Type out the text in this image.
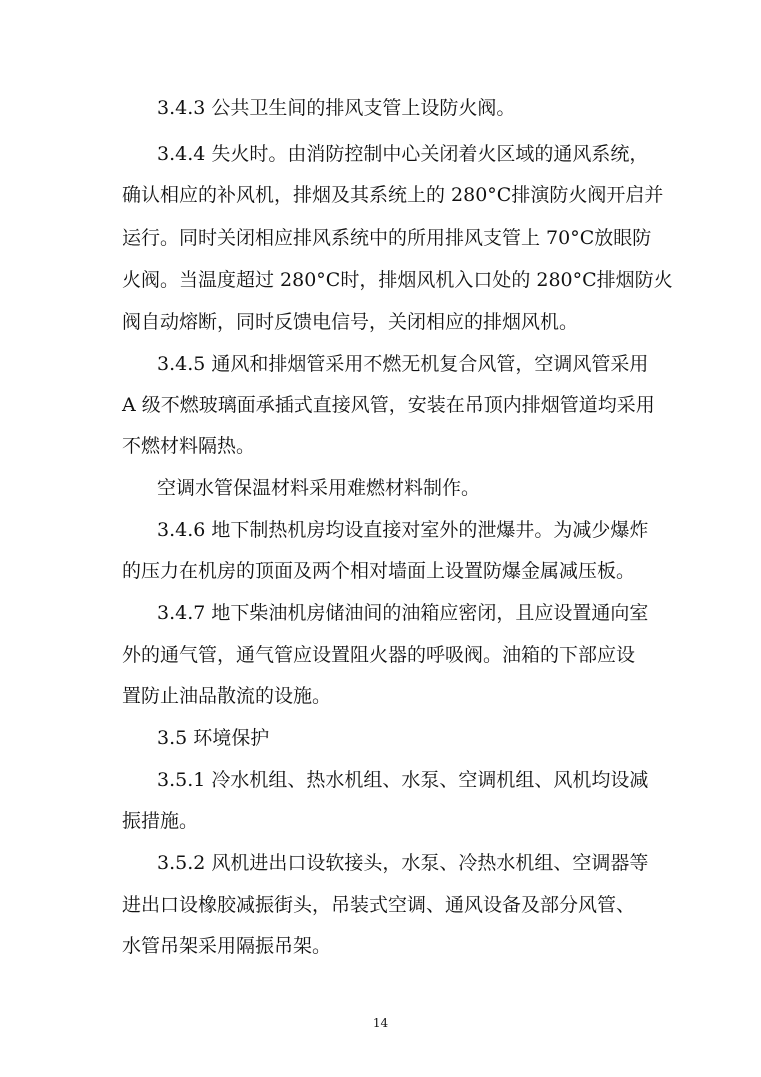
3.4.3 公共卫生间的排风支管上设防火阀。
3.4.4 失火时。由消防控制中心关闭着火区域的通风系统，
确认相应的补风机，排烟及其系统上的 280°C排演防火阀开启并
运行。同时关闭相应排风系统中的所用排风支管上 70°C放眼防
火阀。当温度超过 280°C时，排烟风机入口处的 280°C排烟防火
阀自动熔断，同时反馈电信号，关闭相应的排烟风机。
3.4.5 通风和排烟管采用不燃无机复合风管，空调风管采用
A 级不燃玻璃面承插式直接风管，安装在吊顶内排烟管道均采用
不燃材料隔热。
空调水管保温材料采用难燃材料制作。
3.4.6 地下制热机房均设直接对室外的泄爆井。为减少爆炸
的压力在机房的顶面及两个相对墙面上设置防爆金属减压板。
3.4.7 地下柴油机房储油间的油箱应密闭，且应设置通向室
外的通气管，通气管应设置阻火器的呼吸阀。油箱的下部应设
置防止油品散流的设施。
3.5 环境保护
3.5.1 冷水机组、热水机组、水泵、空调机组、风机均设减
振措施。
3.5.2 风机进出口设软接头，水泵、冷热水机组、空调器等
进出口设橡胶减振街头，吊装式空调、通风设备及部分风管、
水管吊架采用隔振吊架。
14
